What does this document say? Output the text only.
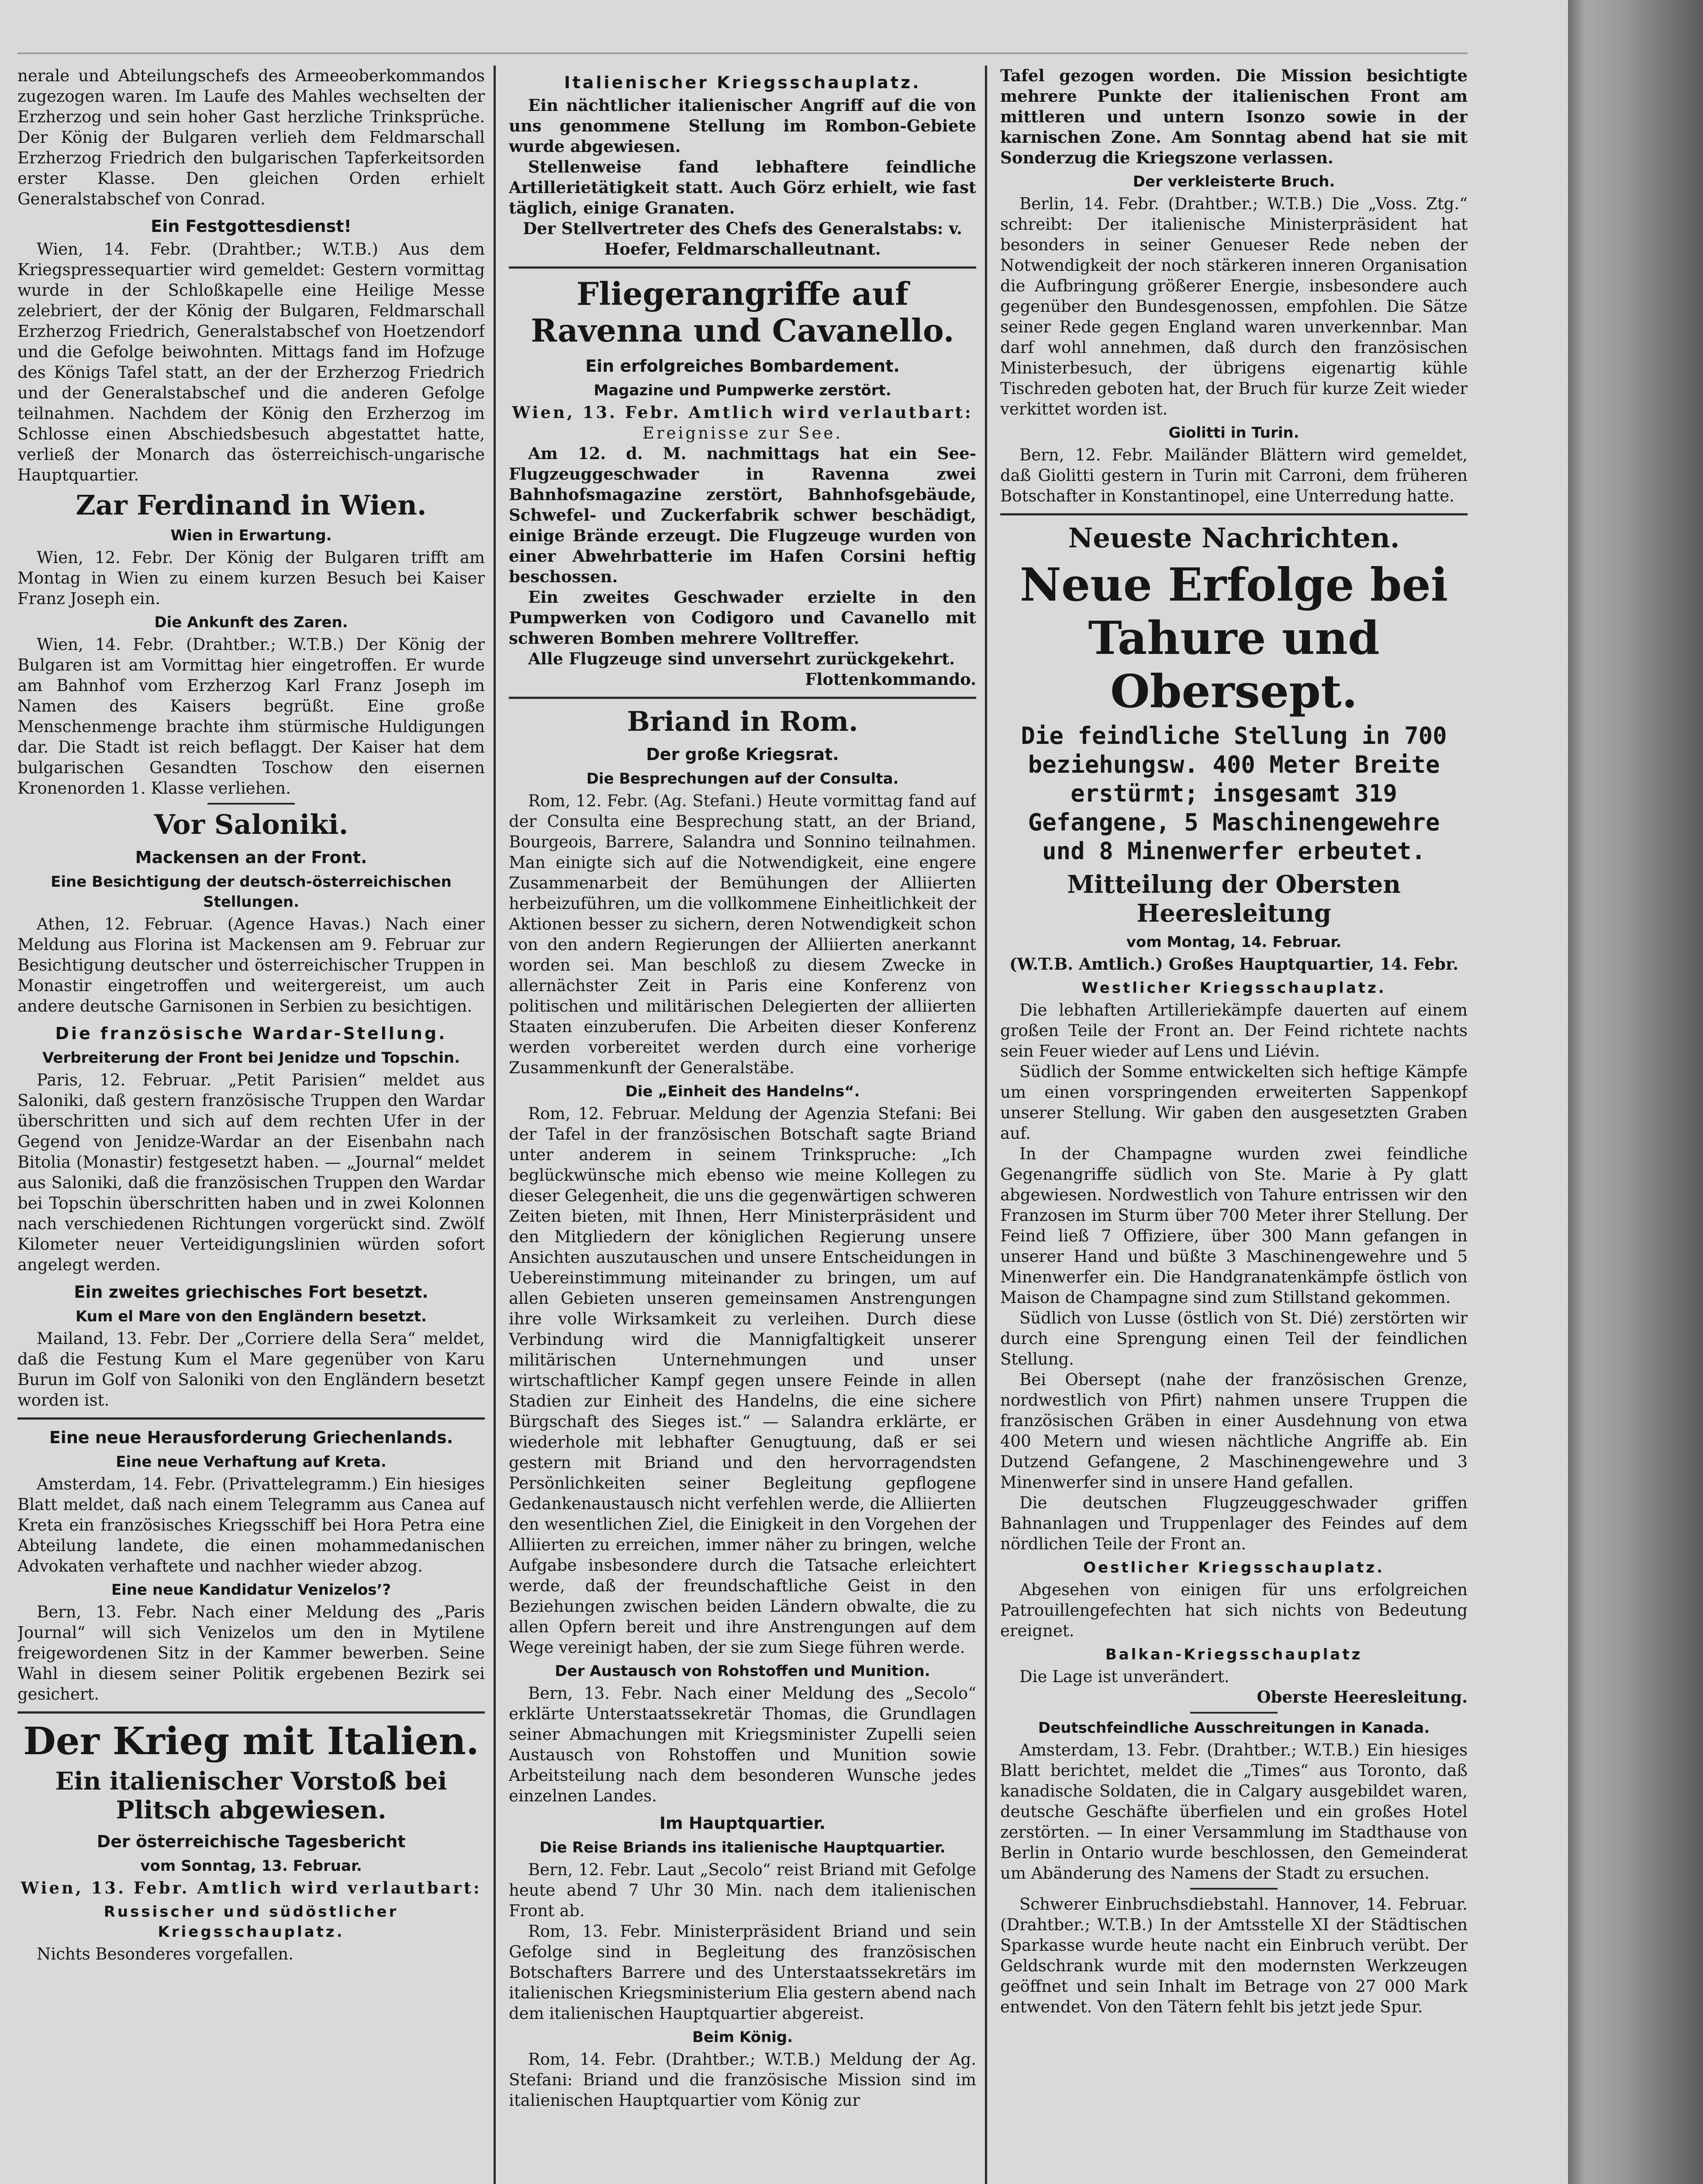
nerale und Abteilungschefs des Armeeoberkommandos zugezogen waren. Im Laufe des Mahles wechselten der Erzherzog und sein hoher Gast herzliche Trinksprüche. Der König der Bulgaren verlieh dem Feldmarschall Erzherzog Friedrich den bulgarischen Tapferkeitsorden erster Klasse. Den gleichen Orden erhielt Generalstabschef von Conrad.

Ein Festgottesdienst!

Wien, 14. Febr. (Drahtber.; W.T.B.) Aus dem Kriegspressequartier wird gemeldet: Gestern vormittag wurde in der Schloßkapelle eine Heilige Messe zelebriert, der der König der Bulgaren, Feldmarschall Erzherzog Friedrich, Generalstabschef von Hoetzendorf und die Gefolge beiwohnten. Mittags fand im Hofzuge des Königs Tafel statt, an der der Erzherzog Friedrich und der Generalstabschef und die anderen Gefolge teilnahmen. Nachdem der König den Erzherzog im Schlosse einen Abschiedsbesuch abgestattet hatte, verließ der Monarch das österreichisch-ungarische Hauptquartier.

Zar Ferdinand in Wien.
Wien in Erwartung.

Wien, 12. Febr. Der König der Bulgaren trifft am Montag in Wien zu einem kurzen Besuch bei Kaiser Franz Joseph ein.

Die Ankunft des Zaren.

Wien, 14. Febr. (Drahtber.; W.T.B.) Der König der Bulgaren ist am Vormittag hier eingetroffen. Er wurde am Bahnhof vom Erzherzog Karl Franz Joseph im Namen des Kaisers begrüßt. Eine große Menschenmenge brachte ihm stürmische Huldigungen dar. Die Stadt ist reich beflaggt. Der Kaiser hat dem bulgarischen Gesandten Toschow den eisernen Kronenorden 1. Klasse verliehen.

Vor Saloniki.
Mackensen an der Front.
Eine Besichtigung der deutsch-österreichischen Stellungen.

Athen, 12. Februar. (Agence Havas.) Nach einer Meldung aus Florina ist Mackensen am 9. Februar zur Besichtigung deutscher und österreichischer Truppen in Monastir eingetroffen und weitergereist, um auch andere deutsche Garnisonen in Serbien zu besichtigen.

Die französische Wardar-Stellung.
Verbreiterung der Front bei Jenidze und Topschin.

Paris, 12. Februar. „Petit Parisien“ meldet aus Saloniki, daß gestern französische Truppen den Wardar überschritten und sich auf dem rechten Ufer in der Gegend von Jenidze-Wardar an der Eisenbahn nach Bitolia (Monastir) festgesetzt haben. — „Journal“ meldet aus Saloniki, daß die französischen Truppen den Wardar bei Topschin überschritten haben und in zwei Kolonnen nach verschiedenen Richtungen vorgerückt sind. Zwölf Kilometer neuer Verteidigungslinien würden sofort angelegt werden.

Ein zweites griechisches Fort besetzt.
Kum el Mare von den Engländern besetzt.

Mailand, 13. Febr. Der „Corriere della Sera“ meldet, daß die Festung Kum el Mare gegenüber von Karu Burun im Golf von Saloniki von den Engländern besetzt worden ist.

Eine neue Herausforderung Griechenlands.
Eine neue Verhaftung auf Kreta.

Amsterdam, 14. Febr. (Privattelegramm.) Ein hiesiges Blatt meldet, daß nach einem Telegramm aus Canea auf Kreta ein französisches Kriegsschiff bei Hora Petra eine Abteilung landete, die einen mohammedanischen Advokaten verhaftete und nachher wieder abzog.

Eine neue Kandidatur Venizelos’?

Bern, 13. Febr. Nach einer Meldung des „Paris Journal“ will sich Venizelos um den in Mytilene freigewordenen Sitz in der Kammer bewerben. Seine Wahl in diesem seiner Politik ergebenen Bezirk sei gesichert.

Der Krieg mit Italien.
Ein italienischer Vorstoß bei Plitsch abgewiesen.
Der österreichische Tagesbericht
vom Sonntag, 13. Februar.

Wien, 13. Febr. Amtlich wird verlautbart:

Russischer und südöstlicher Kriegsschauplatz.

Nichts Besonderes vorgefallen.

Italienischer Kriegsschauplatz.

Ein nächtlicher italienischer Angriff auf die von uns genommene Stellung im Rombon-Gebiete wurde abgewiesen.

Stellenweise fand lebhaftere feindliche Artillerietätigkeit statt. Auch Görz erhielt, wie fast täglich, einige Granaten.

Der Stellvertreter des Chefs des Generalstabs: v. Hoefer, Feldmarschalleutnant.

Fliegerangriffe auf Ravenna und Cavanello.
Ein erfolgreiches Bombardement.
Magazine und Pumpwerke zerstört.

Wien, 13. Febr. Amtlich wird verlautbart:

Ereignisse zur See.

Am 12. d. M. nachmittags hat ein See-Flugzeuggeschwader in Ravenna zwei Bahnhofsmagazine zerstört, Bahnhofsgebäude, Schwefel- und Zuckerfabrik schwer beschädigt, einige Brände erzeugt. Die Flugzeuge wurden von einer Abwehrbatterie im Hafen Corsini heftig beschossen.

Ein zweites Geschwader erzielte in den Pumpwerken von Codigoro und Cavanello mit schweren Bomben mehrere Volltreffer.

Alle Flugzeuge sind unversehrt zurückgekehrt.

Flottenkommando.

Briand in Rom.
Der große Kriegsrat.
Die Besprechungen auf der Consulta.

Rom, 12. Febr. (Ag. Stefani.) Heute vormittag fand auf der Consulta eine Besprechung statt, an der Briand, Bourgeois, Barrere, Salandra und Sonnino teilnahmen. Man einigte sich auf die Notwendigkeit, eine engere Zusammenarbeit der Bemühungen der Alliierten herbeizuführen, um die vollkommene Einheitlichkeit der Aktionen besser zu sichern, deren Notwendigkeit schon von den andern Regierungen der Alliierten anerkannt worden sei. Man beschloß zu diesem Zwecke in allernächster Zeit in Paris eine Konferenz von politischen und militärischen Delegierten der alliierten Staaten einzuberufen. Die Arbeiten dieser Konferenz werden vorbereitet werden durch eine vorherige Zusammenkunft der Generalstäbe.

Die „Einheit des Handelns“.

Rom, 12. Februar. Meldung der Agenzia Stefani: Bei der Tafel in der französischen Botschaft sagte Briand unter anderem in seinem Trinkspruche: „Ich beglückwünsche mich ebenso wie meine Kollegen zu dieser Gelegenheit, die uns die gegenwärtigen schweren Zeiten bieten, mit Ihnen, Herr Ministerpräsident und den Mitgliedern der königlichen Regierung unsere Ansichten auszutauschen und unsere Entscheidungen in Uebereinstimmung miteinander zu bringen, um auf allen Gebieten unseren gemeinsamen Anstrengungen ihre volle Wirksamkeit zu verleihen. Durch diese Verbindung wird die Mannigfaltigkeit unserer militärischen Unternehmungen und unser wirtschaftlicher Kampf gegen unsere Feinde in allen Stadien zur Einheit des Handelns, die eine sichere Bürgschaft des Sieges ist.“ — Salandra erklärte, er wiederhole mit lebhafter Genugtuung, daß er sei gestern mit Briand und den hervorragendsten Persönlichkeiten seiner Begleitung gepflogene Gedankenaustausch nicht verfehlen werde, die Alliierten den wesentlichen Ziel, die Einigkeit in den Vorgehen der Alliierten zu erreichen, immer näher zu bringen, welche Aufgabe insbesondere durch die Tatsache erleichtert werde, daß der freundschaftliche Geist in den Beziehungen zwischen beiden Ländern obwalte, die zu allen Opfern bereit und ihre Anstrengungen auf dem Wege vereinigt haben, der sie zum Siege führen werde.

Der Austausch von Rohstoffen und Munition.

Bern, 13. Febr. Nach einer Meldung des „Secolo“ erklärte Unterstaatssekretär Thomas, die Grundlagen seiner Abmachungen mit Kriegsminister Zupelli seien Austausch von Rohstoffen und Munition sowie Arbeitsteilung nach dem besonderen Wunsche jedes einzelnen Landes.

Im Hauptquartier.
Die Reise Briands ins italienische Hauptquartier.

Bern, 12. Febr. Laut „Secolo“ reist Briand mit Gefolge heute abend 7 Uhr 30 Min. nach dem italienischen Front ab.

Rom, 13. Febr. Ministerpräsident Briand und sein Gefolge sind in Begleitung des französischen Botschafters Barrere und des Unterstaatssekretärs im italienischen Kriegsministerium Elia gestern abend nach dem italienischen Hauptquartier abgereist.

Beim König.

Rom, 14. Febr. (Drahtber.; W.T.B.) Meldung der Ag. Stefani: Briand und die französische Mission sind im italienischen Hauptquartier vom König zur

Tafel gezogen worden. Die Mission besichtigte mehrere Punkte der italienischen Front am mittleren und untern Isonzo sowie in der karnischen Zone. Am Sonntag abend hat sie mit Sonderzug die Kriegszone verlassen.

Der verkleisterte Bruch.

Berlin, 14. Febr. (Drahtber.; W.T.B.) Die „Voss. Ztg.“ schreibt: Der italienische Ministerpräsident hat besonders in seiner Genueser Rede neben der Notwendigkeit der noch stärkeren inneren Organisation die Aufbringung größerer Energie, insbesondere auch gegenüber den Bundesgenossen, empfohlen. Die Sätze seiner Rede gegen England waren unverkennbar. Man darf wohl annehmen, daß durch den französischen Ministerbesuch, der übrigens eigenartig kühle Tischreden geboten hat, der Bruch für kurze Zeit wieder verkittet worden ist.

Giolitti in Turin.

Bern, 12. Febr. Mailänder Blättern wird gemeldet, daß Giolitti gestern in Turin mit Carroni, dem früheren Botschafter in Konstantinopel, eine Unterredung hatte.

Neueste Nachrichten.
Neue Erfolge bei Tahure und Obersept.
Die feindliche Stellung in 700 beziehungsw. 400 Meter Breite erstürmt; insgesamt 319 Gefangene, 5 Maschinengewehre und 8 Minenwerfer erbeutet.
Mitteilung der Obersten Heeresleitung
vom Montag, 14. Februar.

(W.T.B. Amtlich.) Großes Hauptquartier, 14. Febr.

Westlicher Kriegsschauplatz.

Die lebhaften Artilleriekämpfe dauerten auf einem großen Teile der Front an. Der Feind richtete nachts sein Feuer wieder auf Lens und Liévin.

Südlich der Somme entwickelten sich heftige Kämpfe um einen vorspringenden erweiterten Sappenkopf unserer Stellung. Wir gaben den ausgesetzten Graben auf.

In der Champagne wurden zwei feindliche Gegenangriffe südlich von Ste. Marie à Py glatt abgewiesen. Nordwestlich von Tahure entrissen wir den Franzosen im Sturm über 700 Meter ihrer Stellung. Der Feind ließ 7 Offiziere, über 300 Mann gefangen in unserer Hand und büßte 3 Maschinengewehre und 5 Minenwerfer ein. Die Handgranatenkämpfe östlich von Maison de Champagne sind zum Stillstand gekommen.

Südlich von Lusse (östlich von St. Dié) zerstörten wir durch eine Sprengung einen Teil der feindlichen Stellung.

Bei Obersept (nahe der französischen Grenze, nordwestlich von Pfirt) nahmen unsere Truppen die französischen Gräben in einer Ausdehnung von etwa 400 Metern und wiesen nächtliche Angriffe ab. Ein Dutzend Gefangene, 2 Maschinengewehre und 3 Minenwerfer sind in unsere Hand gefallen.

Die deutschen Flugzeuggeschwader griffen Bahnanlagen und Truppenlager des Feindes auf dem nördlichen Teile der Front an.

Oestlicher Kriegsschauplatz.

Abgesehen von einigen für uns erfolgreichen Patrouillengefechten hat sich nichts von Bedeutung ereignet.

Balkan-Kriegsschauplatz

Die Lage ist unverändert.

Oberste Heeresleitung.

Deutschfeindliche Ausschreitungen in Kanada.

Amsterdam, 13. Febr. (Drahtber.; W.T.B.) Ein hiesiges Blatt berichtet, meldet die „Times“ aus Toronto, daß kanadische Soldaten, die in Calgary ausgebildet waren, deutsche Geschäfte überfielen und ein großes Hotel zerstörten. — In einer Versammlung im Stadthause von Berlin in Ontario wurde beschlossen, den Gemeinderat um Abänderung des Namens der Stadt zu ersuchen.

Schwerer Einbruchsdiebstahl. Hannover, 14. Februar. (Drahtber.; W.T.B.) In der Amtsstelle XI der Städtischen Sparkasse wurde heute nacht ein Einbruch verübt. Der Geldschrank wurde mit den modernsten Werkzeugen geöffnet und sein Inhalt im Betrage von 27 000 Mark entwendet. Von den Tätern fehlt bis jetzt jede Spur.
